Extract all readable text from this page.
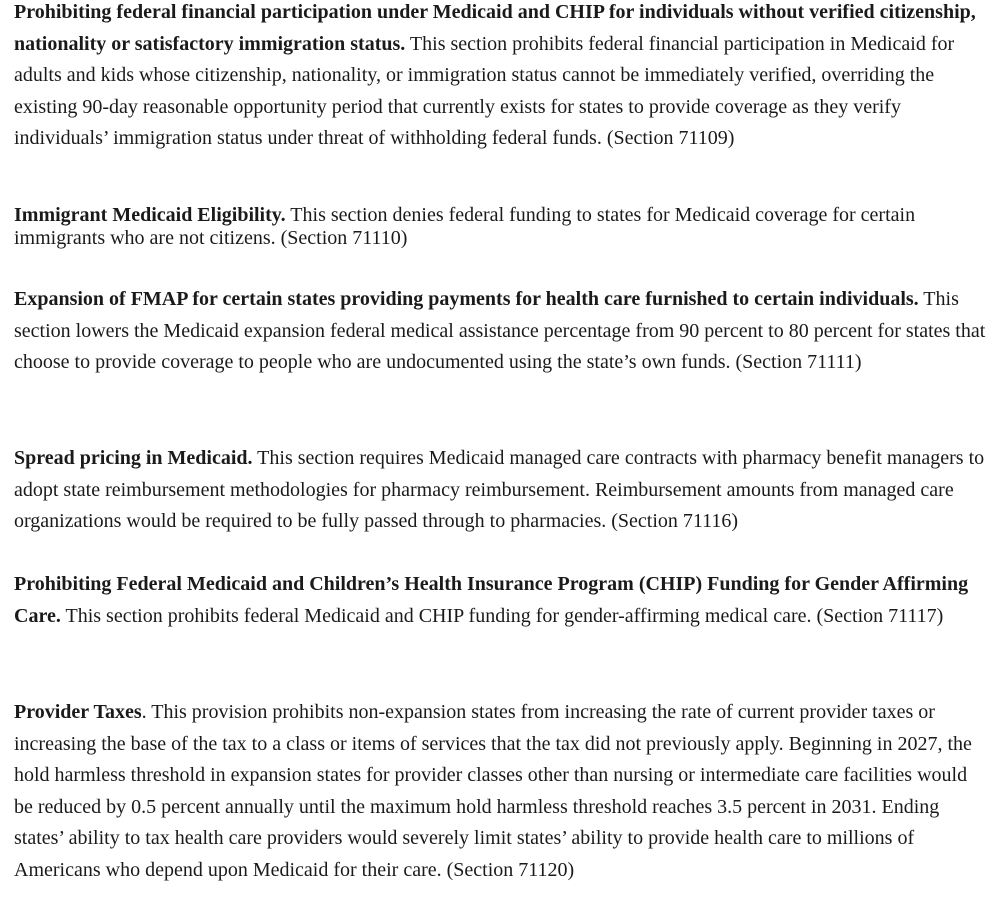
Prohibiting federal financial participation under Medicaid and CHIP for individuals without verified citizenship, nationality or satisfactory immigration status. This section prohibits federal financial participation in Medicaid for adults and kids whose citizenship, nationality, or immigration status cannot be immediately verified, overriding the existing 90-day reasonable opportunity period that currently exists for states to provide coverage as they verify individuals’ immigration status under threat of withholding federal funds. (Section 71109)

Immigrant Medicaid Eligibility. This section denies federal funding to states for Medicaid coverage for certain immigrants who are not citizens. (Section 71110)

Expansion of FMAP for certain states providing payments for health care furnished to certain individuals. This section lowers the Medicaid expansion federal medical assistance percentage from 90 percent to 80 percent for states that choose to provide coverage to people who are undocumented using the state’s own funds. (Section 71111)

Spread pricing in Medicaid. This section requires Medicaid managed care contracts with pharmacy benefit managers to adopt state reimbursement methodologies for pharmacy reimbursement. Reimbursement amounts from managed care organizations would be required to be fully passed through to pharmacies. (Section 71116)

Prohibiting Federal Medicaid and Children’s Health Insurance Program (CHIP) Funding for Gender Affirming Care. This section prohibits federal Medicaid and CHIP funding for gender-affirming medical care. (Section 71117)

Provider Taxes. This provision prohibits non-expansion states from increasing the rate of current provider taxes or increasing the base of the tax to a class or items of services that the tax did not previously apply. Beginning in 2027, the hold harmless threshold in expansion states for provider classes other than nursing or intermediate care facilities would be reduced by 0.5 percent annually until the maximum hold harmless threshold reaches 3.5 percent in 2031. Ending states’ ability to tax health care providers would severely limit states’ ability to provide health care to millions of Americans who depend upon Medicaid for their care. (Section 71120)
